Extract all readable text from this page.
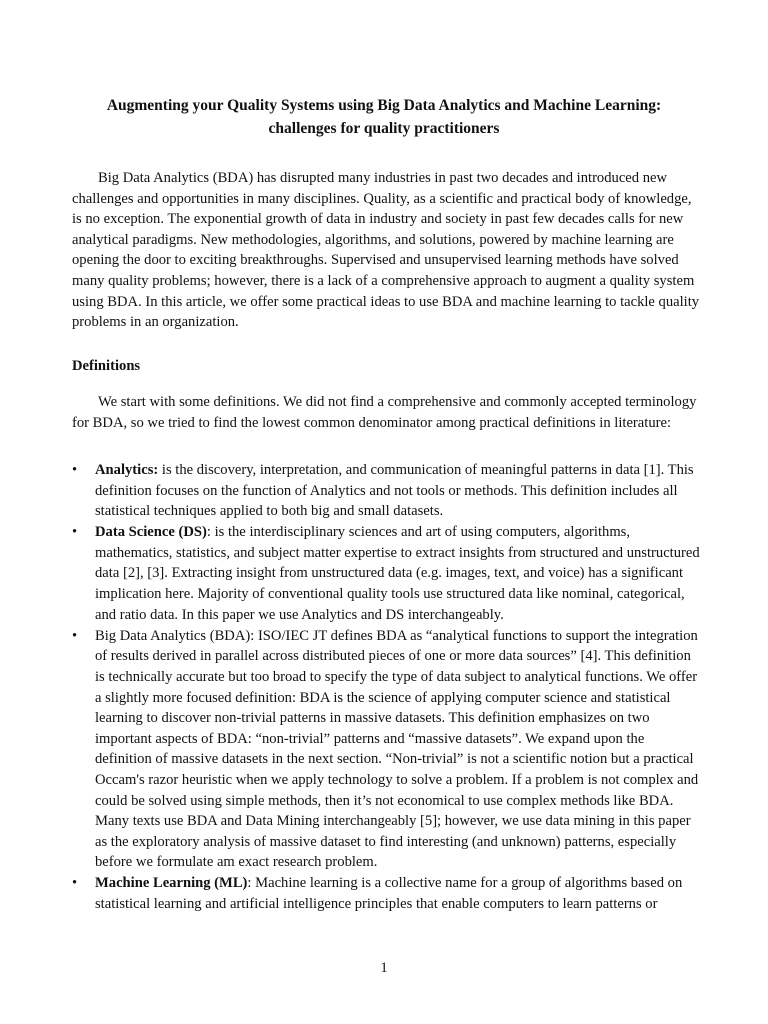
Augmenting your Quality Systems using Big Data Analytics and Machine Learning: challenges for quality practitioners

Big Data Analytics (BDA) has disrupted many industries in past two decades and introduced new challenges and opportunities in many disciplines. Quality, as a scientific and practical body of knowledge, is no exception. The exponential growth of data in industry and society in past few decades calls for new analytical paradigms. New methodologies, algorithms, and solutions, powered by machine learning are opening the door to exciting breakthroughs. Supervised and unsupervised learning methods have solved many quality problems; however, there is a lack of a comprehensive approach to augment a quality system using BDA. In this article, we offer some practical ideas to use BDA and machine learning to tackle quality problems in an organization.

Definitions

We start with some definitions. We did not find a comprehensive and commonly accepted terminology for BDA, so we tried to find the lowest common denominator among practical definitions in literature:

•	Analytics: is the discovery, interpretation, and communication of meaningful patterns in data [1]. This definition focuses on the function of Analytics and not tools or methods. This definition includes all statistical techniques applied to both big and small datasets.
•	Data Science (DS): is the interdisciplinary sciences and art of using computers, algorithms, mathematics, statistics, and subject matter expertise to extract insights from structured and unstructured data [2], [3]. Extracting insight from unstructured data (e.g. images, text, and voice) has a significant implication here. Majority of conventional quality tools use structured data like nominal, categorical, and ratio data. In this paper we use Analytics and DS interchangeably.
•	Big Data Analytics (BDA): ISO/IEC JT defines BDA as “analytical functions to support the integration of results derived in parallel across distributed pieces of one or more data sources” [4]. This definition is technically accurate but too broad to specify the type of data subject to analytical functions. We offer a slightly more focused definition: BDA is the science of applying computer science and statistical learning to discover non-trivial patterns in massive datasets. This definition emphasizes on two important aspects of BDA: “non-trivial” patterns and “massive datasets”. We expand upon the definition of massive datasets in the next section. “Non-trivial” is not a scientific notion but a practical Occam's razor heuristic when we apply technology to solve a problem. If a problem is not complex and could be solved using simple methods, then it’s not economical to use complex methods like BDA. Many texts use BDA and Data Mining interchangeably [5]; however, we use data mining in this paper as the exploratory analysis of massive dataset to find interesting (and unknown) patterns, especially before we formulate am exact research problem.
•	Machine Learning (ML): Machine learning is a collective name for a group of algorithms based on statistical learning and artificial intelligence principles that enable computers to learn patterns or
1
